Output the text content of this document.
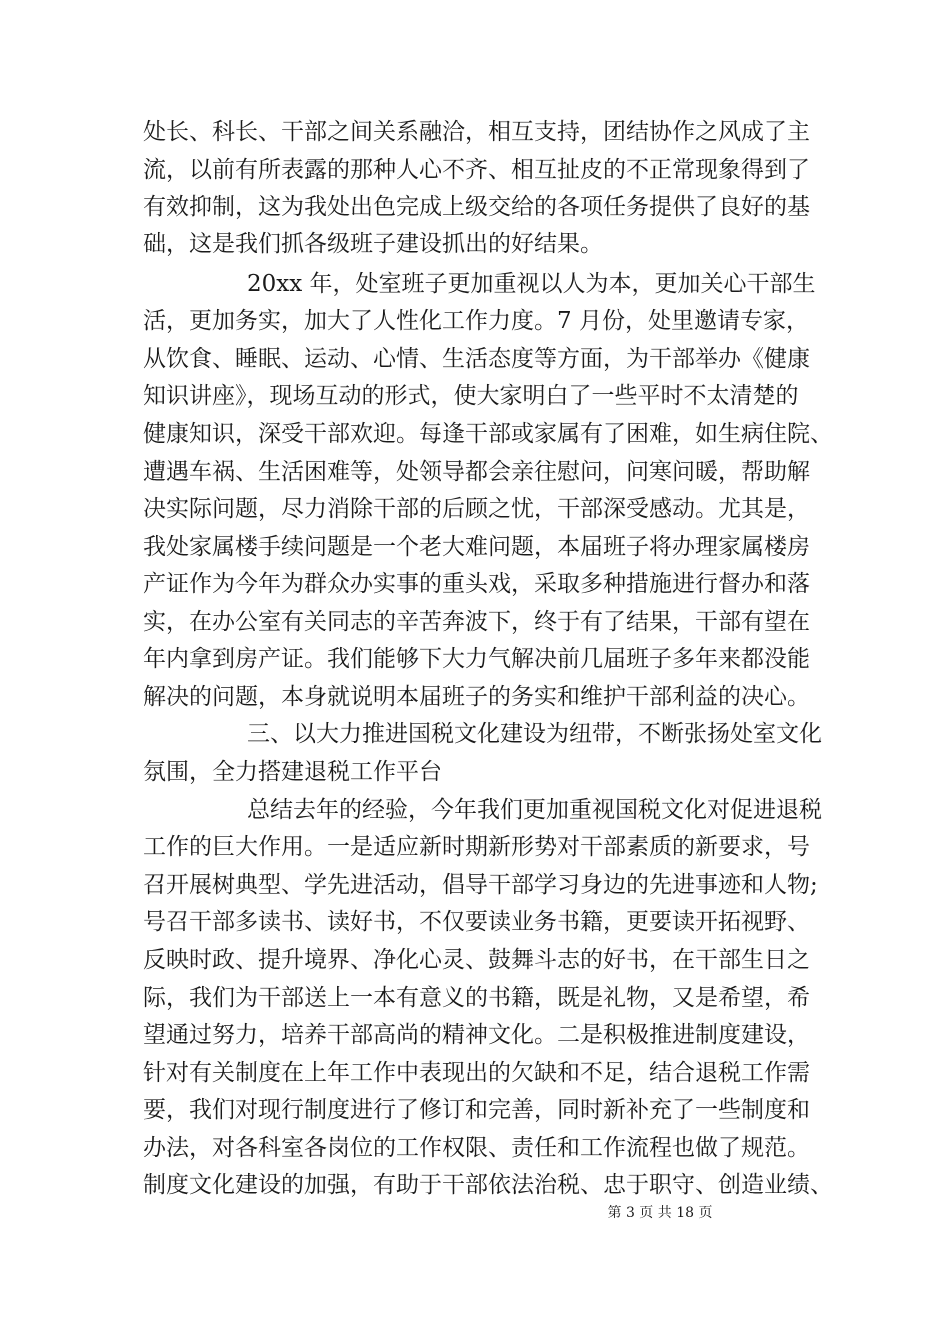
处长、科长、干部之间关系融洽，相互支持，团结协作之风成了主
流，以前有所表露的那种人心不齐、相互扯皮的不正常现象得到了
有效抑制，这为我处出色完成上级交给的各项任务提供了良好的基
础，这是我们抓各级班子建设抓出的好结果。
20xx 年，处室班子更加重视以人为本，更加关心干部生
活，更加务实，加大了人性化工作力度。7 月份，处里邀请专家，
从饮食、睡眠、运动、心情、生活态度等方面，为干部举办《健康
知识讲座》，现场互动的形式，使大家明白了一些平时不太清楚的
健康知识，深受干部欢迎。每逢干部或家属有了困难，如生病住院、
遭遇车祸、生活困难等，处领导都会亲往慰问，问寒问暖，帮助解
决实际问题，尽力消除干部的后顾之忧，干部深受感动。尤其是，
我处家属楼手续问题是一个老大难问题，本届班子将办理家属楼房
产证作为今年为群众办实事的重头戏，采取多种措施进行督办和落
实，在办公室有关同志的辛苦奔波下，终于有了结果，干部有望在
年内拿到房产证。我们能够下大力气解决前几届班子多年来都没能
解决的问题，本身就说明本届班子的务实和维护干部利益的决心。
三、以大力推进国税文化建设为纽带，不断张扬处室文化
氛围，全力搭建退税工作平台
总结去年的经验，今年我们更加重视国税文化对促进退税
工作的巨大作用。一是适应新时期新形势对干部素质的新要求，号
召开展树典型、学先进活动，倡导干部学习身边的先进事迹和人物;
号召干部多读书、读好书，不仅要读业务书籍，更要读开拓视野、
反映时政、提升境界、净化心灵、鼓舞斗志的好书，在干部生日之
际，我们为干部送上一本有意义的书籍，既是礼物，又是希望，希
望通过努力，培养干部高尚的精神文化。二是积极推进制度建设，
针对有关制度在上年工作中表现出的欠缺和不足，结合退税工作需
要，我们对现行制度进行了修订和完善，同时新补充了一些制度和
办法，对各科室各岗位的工作权限、责任和工作流程也做了规范。
制度文化建设的加强，有助于干部依法治税、忠于职守、创造业绩、
第 3 页 共 18 页
